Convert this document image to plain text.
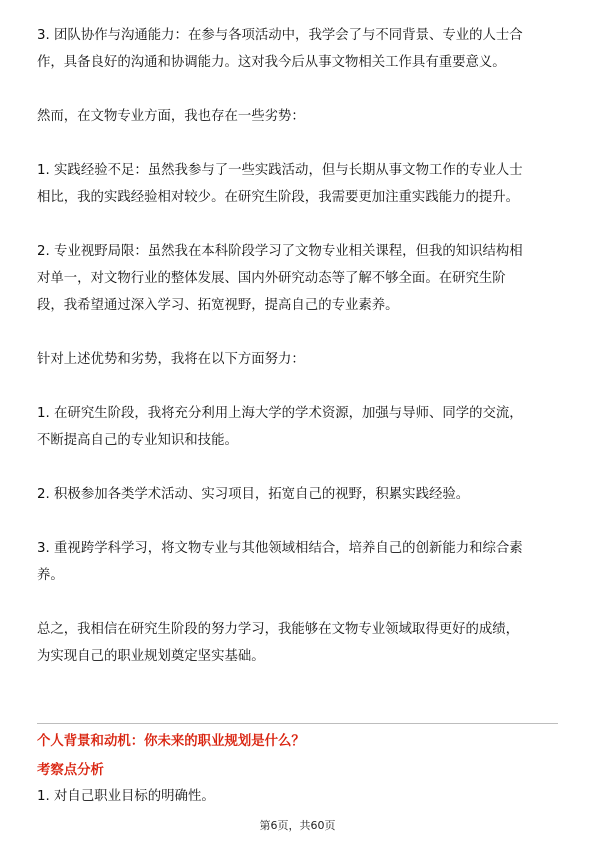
3. 团队协作与沟通能力：在参与各项活动中，我学会了与不同背景、专业的人士合
作，具备良好的沟通和协调能力。这对我今后从事文物相关工作具有重要意义。

然而，在文物专业方面，我也存在一些劣势：

1. 实践经验不足：虽然我参与了一些实践活动，但与长期从事文物工作的专业人士
相比，我的实践经验相对较少。在研究生阶段，我需要更加注重实践能力的提升。

2. 专业视野局限：虽然我在本科阶段学习了文物专业相关课程，但我的知识结构相
对单一，对文物行业的整体发展、国内外研究动态等了解不够全面。在研究生阶
段，我希望通过深入学习、拓宽视野，提高自己的专业素养。

针对上述优势和劣势，我将在以下方面努力：

1. 在研究生阶段，我将充分利用上海大学的学术资源，加强与导师、同学的交流，
不断提高自己的专业知识和技能。

2. 积极参加各类学术活动、实习项目，拓宽自己的视野，积累实践经验。

3. 重视跨学科学习，将文物专业与其他领域相结合，培养自己的创新能力和综合素
养。

总之，我相信在研究生阶段的努力学习，我能够在文物专业领域取得更好的成绩，
为实现自己的职业规划奠定坚实基础。

个人背景和动机：你未来的职业规划是什么？
考察点分析
1. 对自己职业目标的明确性。
第6页，共60页
